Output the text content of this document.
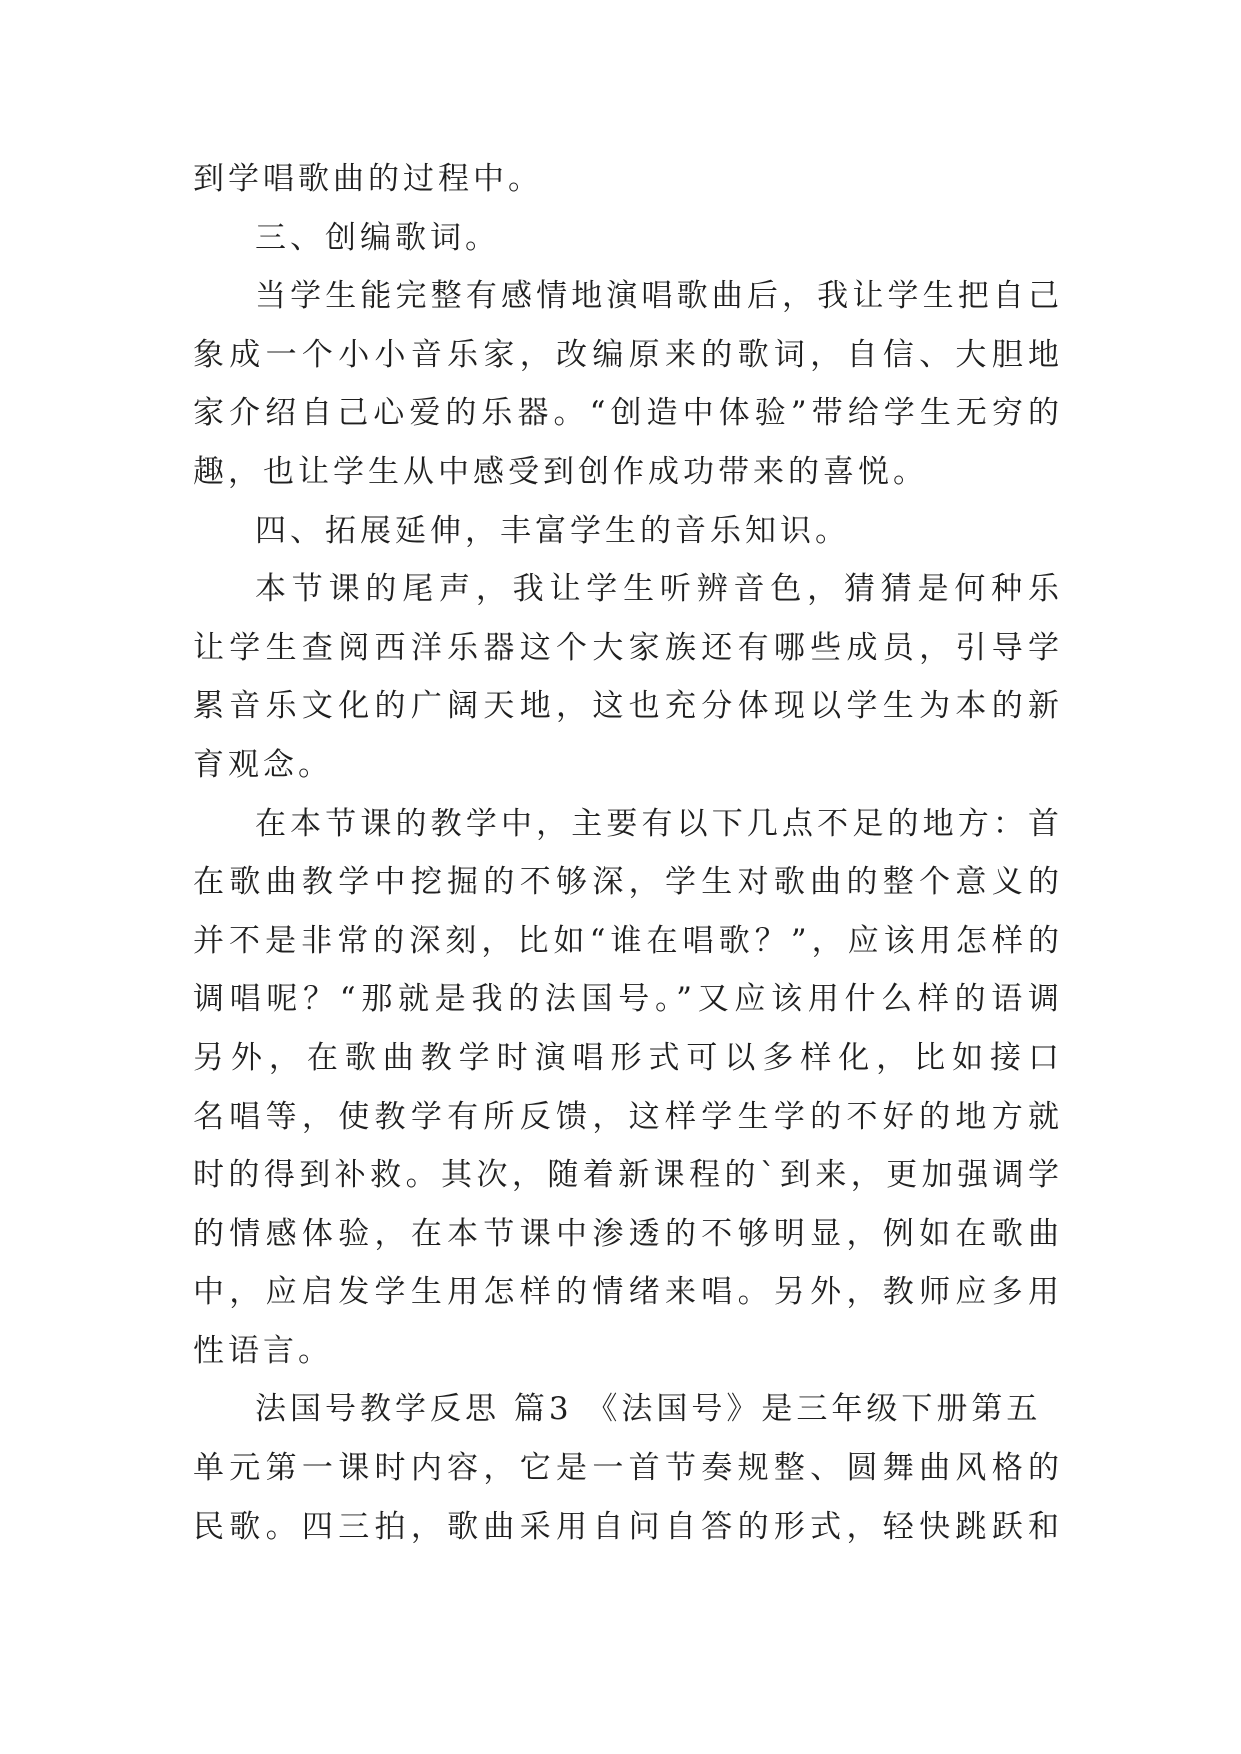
到学唱歌曲的过程中。
三、创编歌词。
当学生能完整有感情地演唱歌曲后，我让学生把自己
象成一个小小音乐家，改编原来的歌词，自信、大胆地
家介绍自己心爱的乐器。“创造中体验”带给学生无穷的
趣，也让学生从中感受到创作成功带来的喜悦。
四、拓展延伸，丰富学生的音乐知识。
本节课的尾声，我让学生听辨音色，猜猜是何种乐
让学生查阅西洋乐器这个大家族还有哪些成员，引导学
累音乐文化的广阔天地，这也充分体现以学生为本的新
育观念。
在本节课的教学中，主要有以下几点不足的地方：首
在歌曲教学中挖掘的不够深，学生对歌曲的整个意义的
并不是非常的深刻，比如“谁在唱歌？”，应该用怎样的
调唱呢？“那就是我的法国号。”又应该用什么样的语调
另外，在歌曲教学时演唱形式可以多样化，比如接口
名唱等，使教学有所反馈，这样学生学的不好的地方就
时的得到补救。其次，随着新课程的`到来，更加强调学
的情感体验，在本节课中渗透的不够明显，例如在歌曲
中，应启发学生用怎样的情绪来唱。另外，教师应多用
性语言。
法国号教学反思 篇3 《法国号》是三年级下册第五
单元第一课时内容，它是一首节奏规整、圆舞曲风格的
民歌。四三拍，歌曲采用自问自答的形式，轻快跳跃和
